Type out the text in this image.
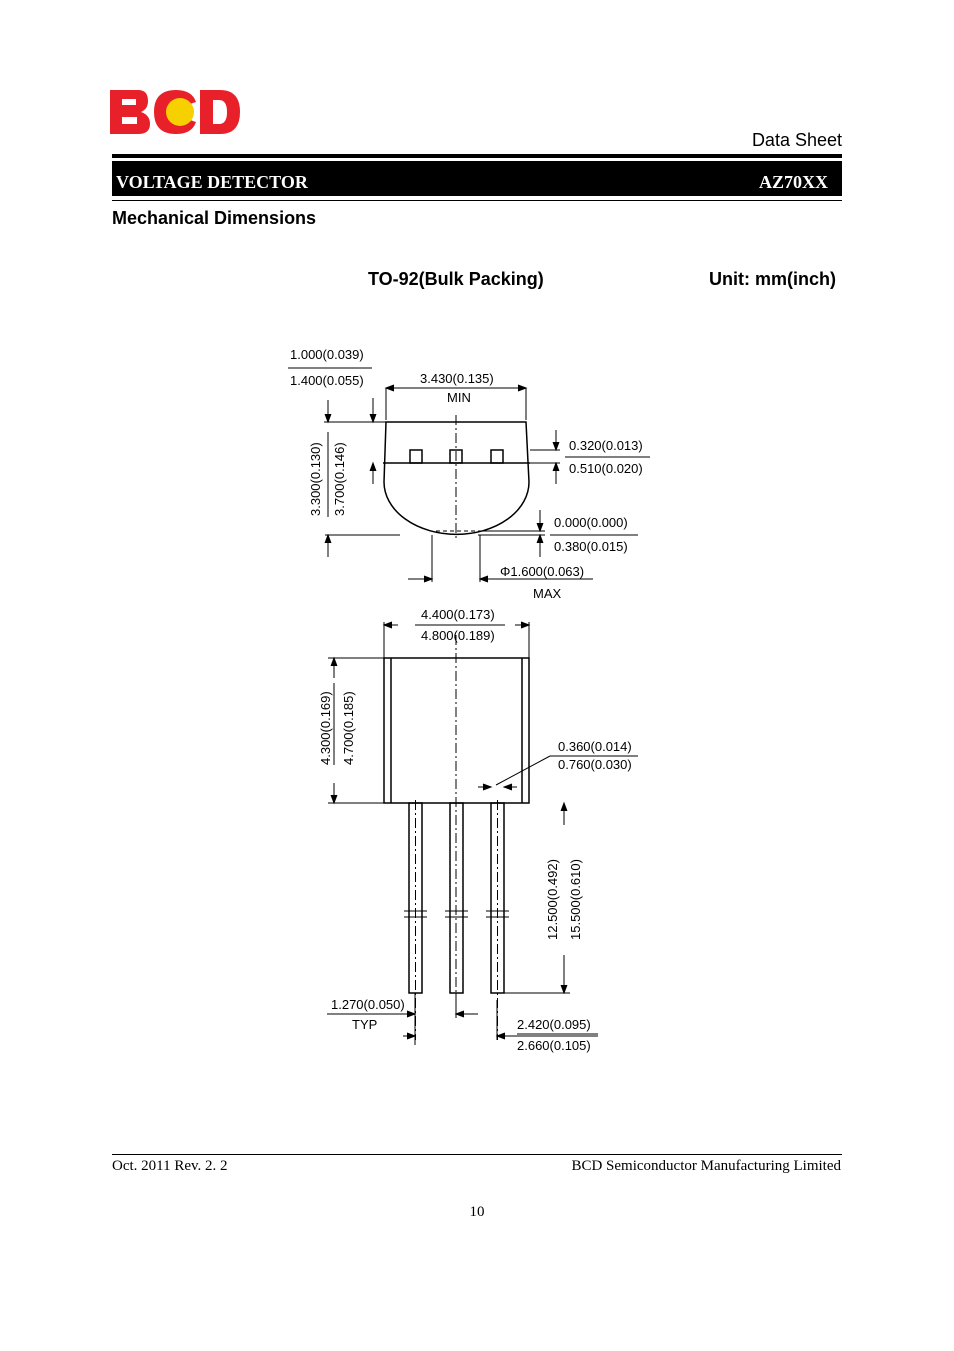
Data Sheet
VOLTAGE DETECTOR	AZ70XX
Mechanical Dimensions
TO-92(Bulk Packing)	Unit: mm(inch)
1.000(0.039)
1.400(0.055)	3.430(0.135)
MIN
0.320(0.013)
0.510(0.020)
3.300(0.130) 3.700(0.146)
0.000(0.000)
0.380(0.015)
Φ1.600(0.063)
MAX
4.400(0.173)
4.800(0.189)
4.300(0.169) 4.700(0.185)	0.360(0.014)
0.760(0.030)
12.500(0.492) 15.500(0.610)
1.270(0.050)
TYP	2.420(0.095)
2.660(0.105)
Oct. 2011 Rev. 2. 2	BCD Semiconductor Manufacturing Limited
10
